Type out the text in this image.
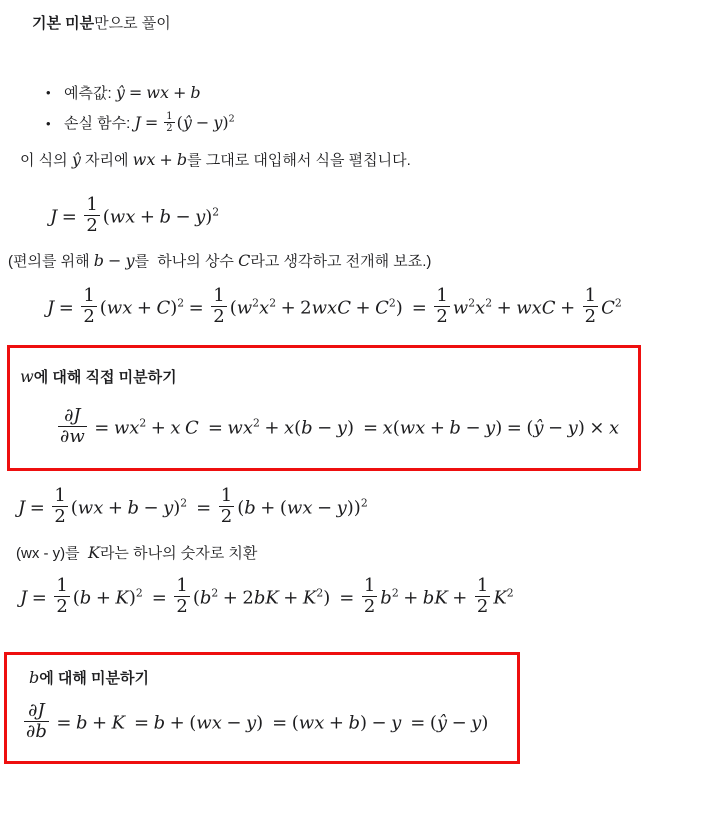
기본 미분만으로 풀이
• 예측값: ŷ = wx + b
• 손실 함수: $J = \frac{1}{2}$ (ŷ − y)$^2$

이 식의 ŷ 자리에 wx + b를 그대로 대입해서 식을 펼칩니다.

$J = \frac{1}{2} (wx + b - y)^2$

(편의를 위해 b − y를  하나의 상수 C라고 생각하고 전개해 보죠.)

$J = \frac{1}{2} (wx + C)^2 = \frac{1}{2} (w^2x^2 + 2wxC + C^2) = \frac{1}{2} w^2x^2$ + wxC + $\frac{1}{2} C^2$
w에 대해 직접 미분하기
$\frac{\partial J}{\partial w} = wx^2 + x$ $C = wx^2 + x(b - y) = x(wx + b - y)$ = (ŷ − y) × x
$J = \frac{1}{2} (wx + b - y)^2 = \frac{1}{2} (b + (wx - y))^2$

(wx - y)를  K라는 하나의 숫자로 치환

$J = \frac{1}{2} (b + K)^2 = \frac{1}{2} (b^2 + 2bK + K^2) = \frac{1}{2} b^2$ + bK + $\frac{1}{2} K^2$
b에 대해 미분하기
$\frac{\partial J}{\partial b} = b + K = b + (wx - y) = (wx + b) - y$ = (ŷ − y)
